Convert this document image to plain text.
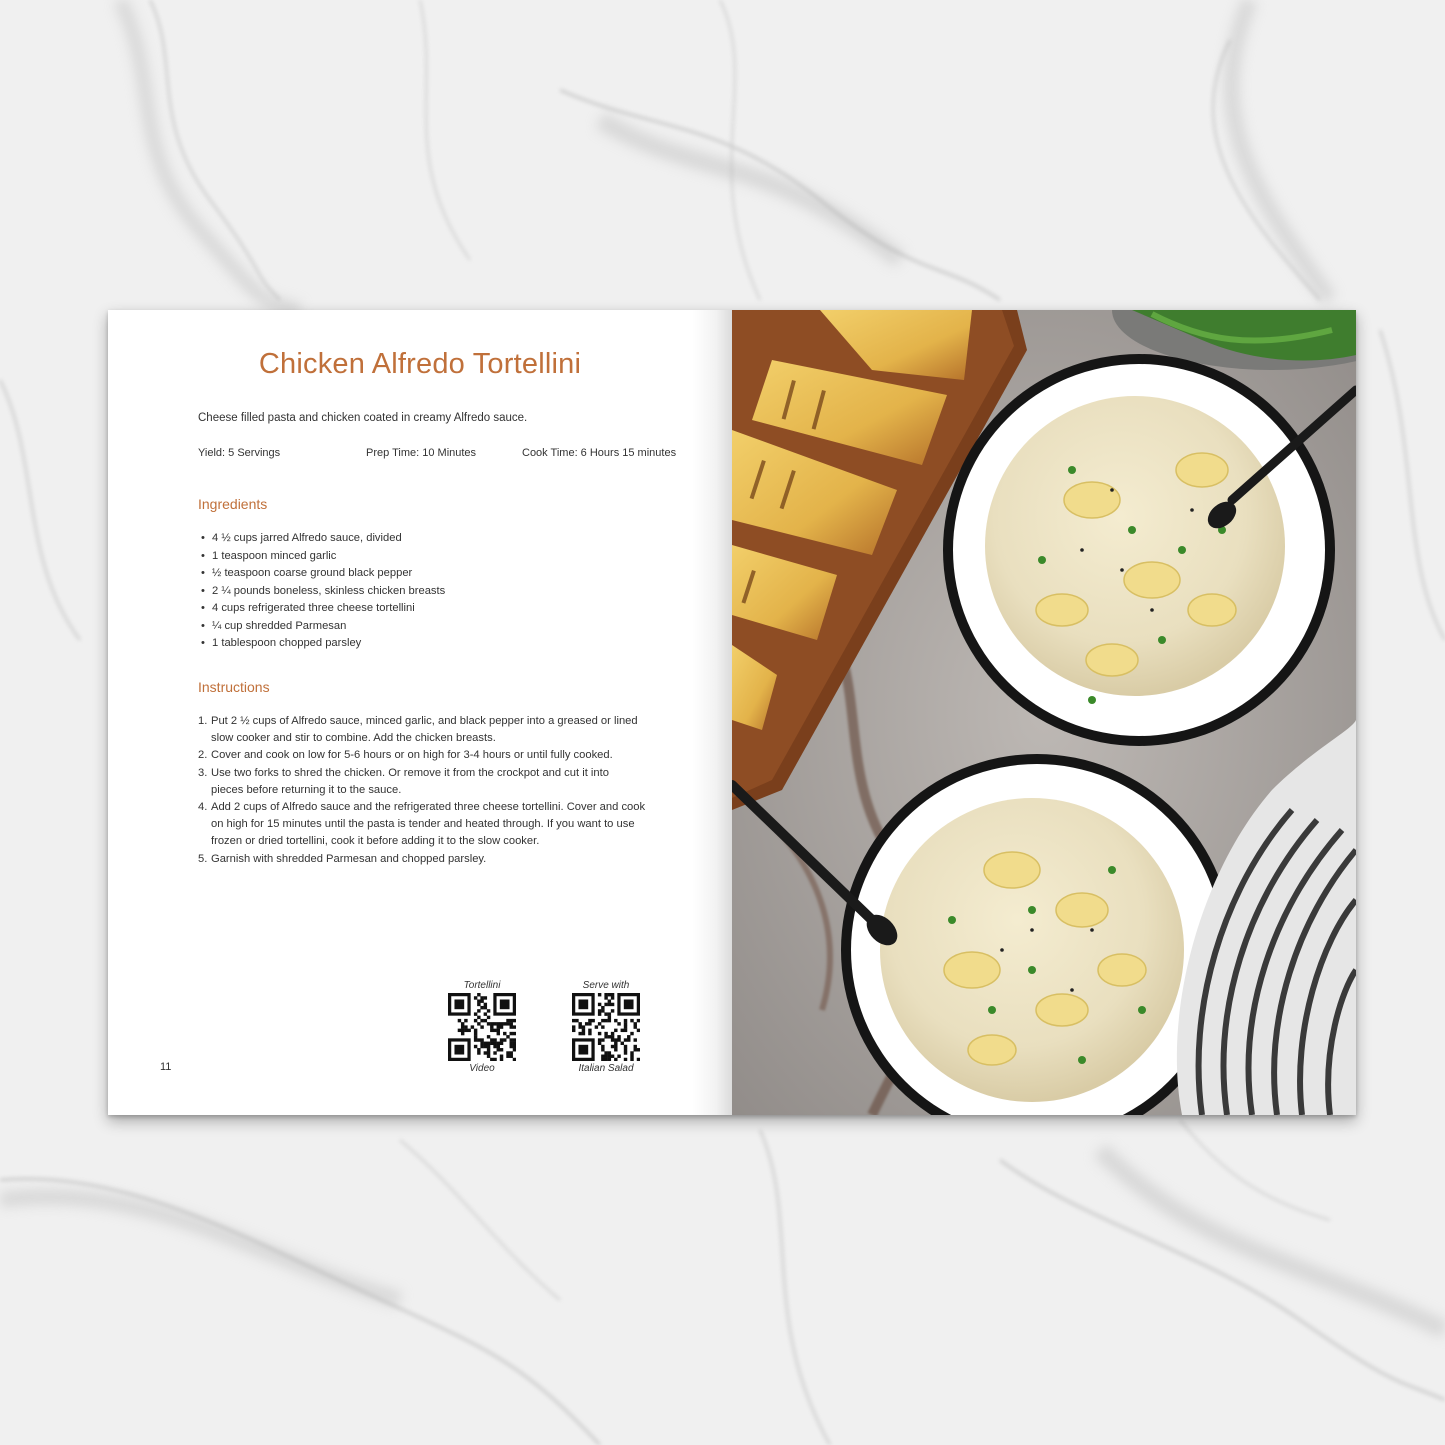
Chicken Alfredo Tortellini
Cheese filled pasta and chicken coated in creamy Alfredo sauce.
Yield: 5 Servings	Prep Time: 10 Minutes	Cook Time: 6 Hours 15 minutes
Ingredients
• 4 ½ cups jarred Alfredo sauce, divided
• 1 teaspoon minced garlic
• ½ teaspoon coarse ground black pepper
• 2 ¼ pounds boneless, skinless chicken breasts
• 4 cups refrigerated three cheese tortellini
• ¼ cup shredded Parmesan
• 1 tablespoon chopped parsley
Instructions
1. Put 2 ½ cups of Alfredo sauce, minced garlic, and black pepper into a greased or lined
slow cooker and stir to combine. Add the chicken breasts.
2. Cover and cook on low for 5-6 hours or on high for 3-4 hours or until fully cooked.
3. Use two forks to shred the chicken. Or remove it from the crockpot and cut it into
pieces before returning it to the sauce.
4. Add 2 cups of Alfredo sauce and the refrigerated three cheese tortellini. Cover and cook
on high for 15 minutes until the pasta is tender and heated through. If you want to use
frozen or dried tortellini, cook it before adding it to the slow cooker.
5. Garnish with shredded Parmesan and chopped parsley.
Tortellini
Video
Serve with
Italian Salad
11
